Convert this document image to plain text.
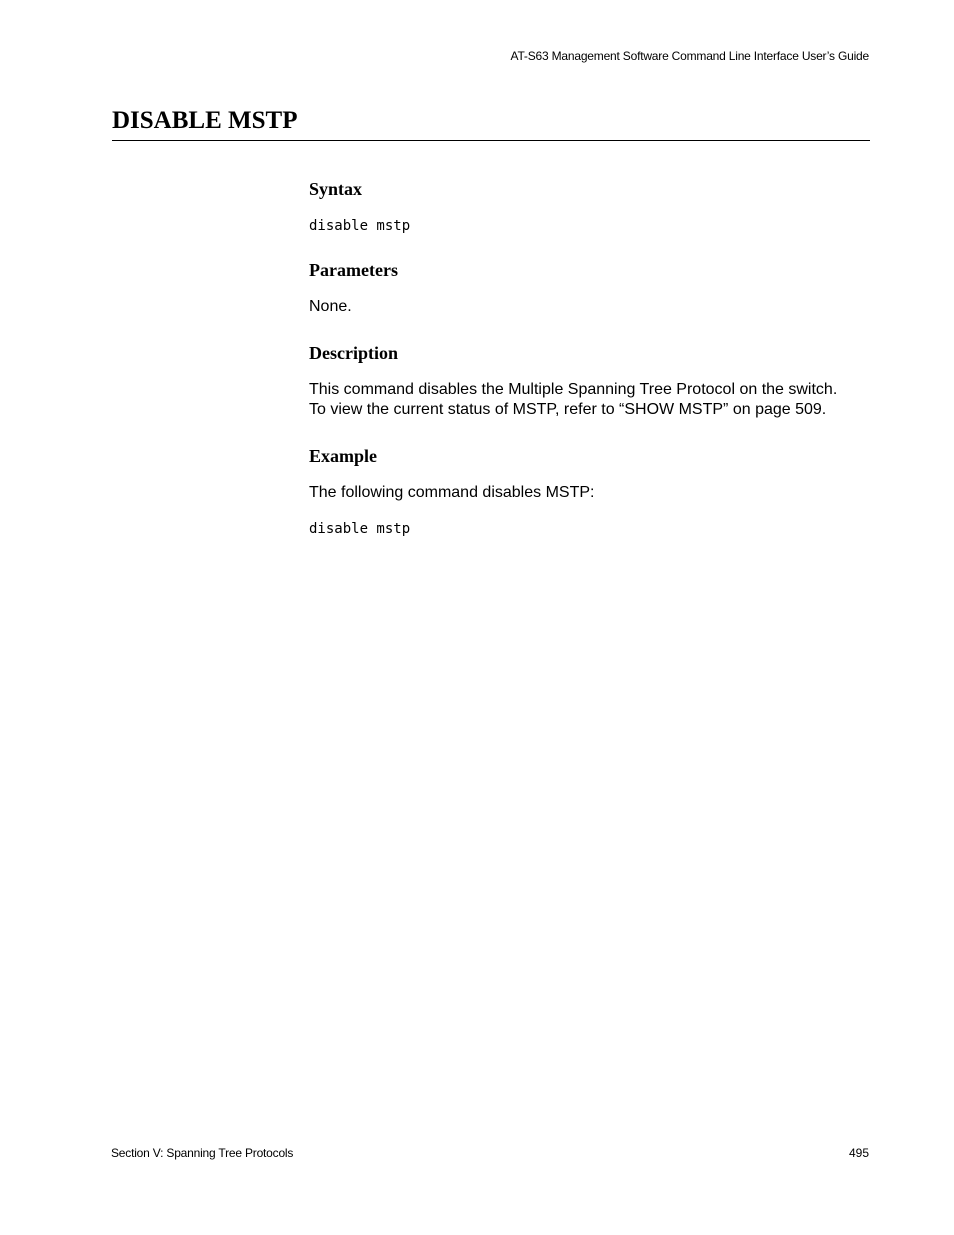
AT-S63 Management Software Command Line Interface User’s Guide
DISABLE MSTP
Syntax
disable mstp
Parameters

None.

Description

This command disables the Multiple Spanning Tree Protocol on the switch. To view the current status of MSTP, refer to “SHOW MSTP” on page 509.

Example

The following command disables MSTP:

disable mstp
Section V: Spanning Tree Protocols	495
